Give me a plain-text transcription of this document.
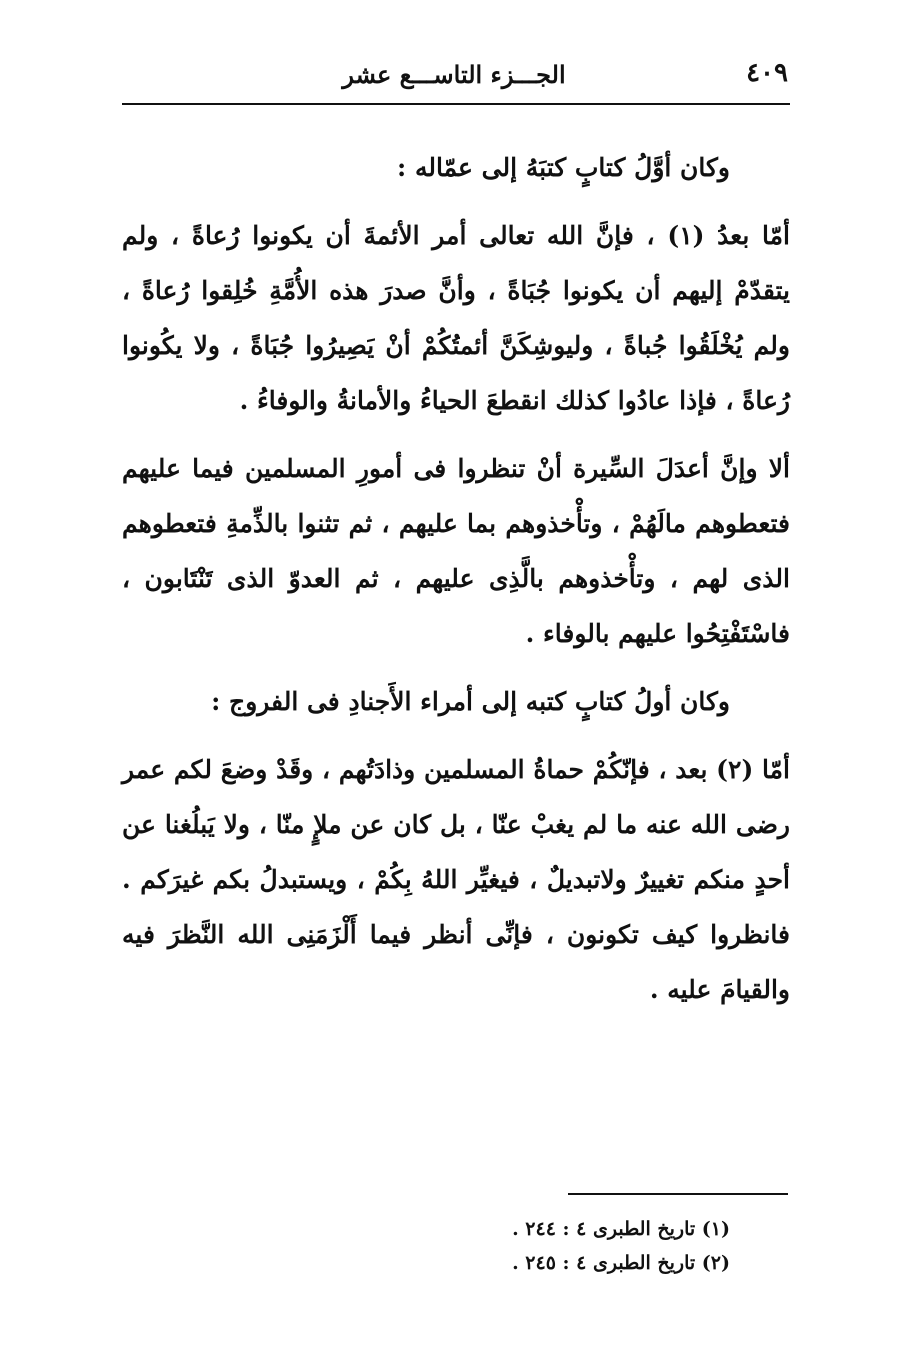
٤٠٩
الجـــزء التاســـع عشر

وكان أوَّلُ كتابٍ كتبَهُ إلى عمّاله :

أمّا بعدُ (١) ، فإنَّ الله تعالى أمر الأئمةَ أن يكونوا رُعاةً ، ولم يتقدّمْ إليهم أن يكونوا جُبَاةً ، وأنَّ صدرَ هذه الأُمَّةِ خُلِقوا رُعاةً ، ولم يُخْلَقُوا جُباةً ، وليوشِكَنَّ أئمتُكُمْ أنْ يَصِيرُوا جُبَاةً ، ولا يكُونوا رُعاةً ، فإذا عادُوا كذلك انقطعَ الحياءُ والأمانةُ والوفاءُ .

ألا وإنَّ أعدَلَ السِّيرة أنْ تنظروا فى أمورِ المسلمين فيما عليهم فتعطوهم مالَهُمْ ، وتأْخذوهم بما عليهم ، ثم تثنوا بالذِّمةِ فتعطوهم الذى لهم ، وتأْخذوهم بالَّذِى عليهم ، ثم العدوّ الذى تَنْتَابون ، فاسْتَفْتِحُوا عليهم بالوفاء .

وكان أولُ كتابٍ كتبه إلى أمراء الأَجنادِ فى الفروج :

أمّا (٢) بعد ، فإنّكُمْ حماةُ المسلمين وذادَتُهم ، وقَدْ وضعَ لكم عمر رضى الله عنه ما لم يغبْ عنّا ، بل كان عن ملإٍ منّا ، ولا يَبلُغنا عن أحدٍ منكم تغييرٌ ولاتبديلٌ ، فيغيِّر اللهُ بِكُمْ ، ويستبدلُ بكم غيرَكم . فانظروا كيف تكونون ، فإنِّى أنظر فيما أَلْزَمَنِى الله النَّظرَ فيه والقيامَ عليه .

(١) تاريخ الطبرى ٤ : ٢٤٤ .
(٢) تاريخ الطبرى ٤ : ٢٤٥ .
